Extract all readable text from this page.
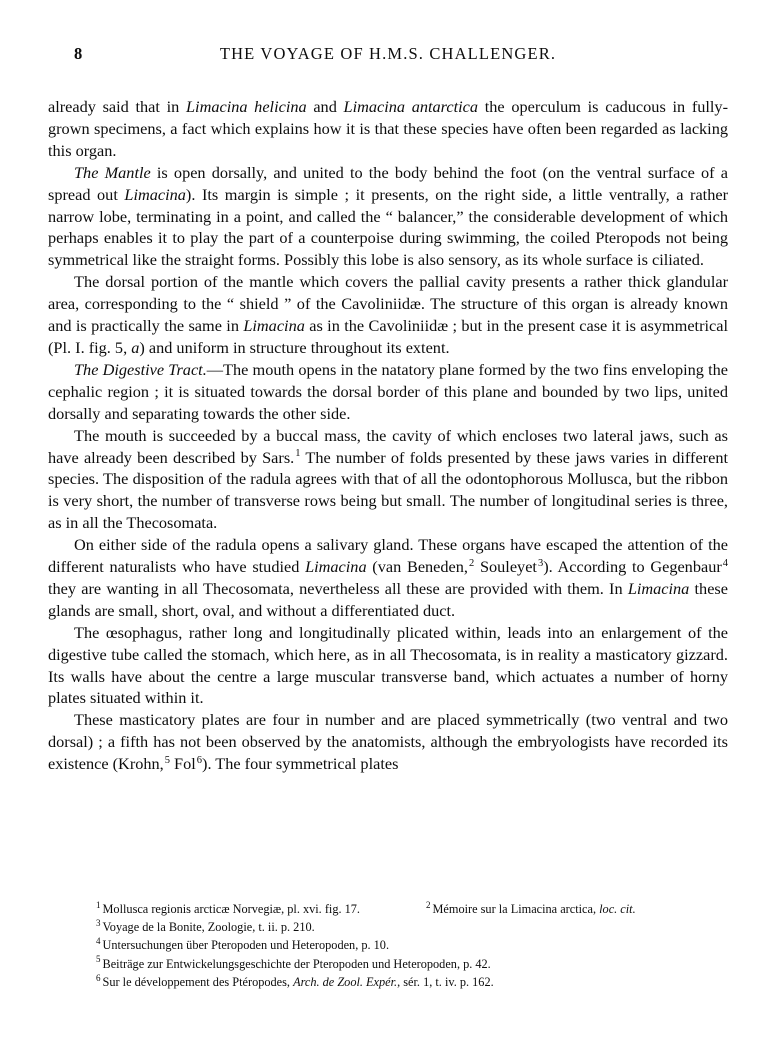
8	THE VOYAGE OF H.M.S. CHALLENGER.

already said that in Limacina helicina and Limacina antarctica the operculum is caducous in fully-grown specimens, a fact which explains how it is that these species have often been regarded as lacking this organ.

The Mantle is open dorsally, and united to the body behind the foot (on the ventral surface of a spread out Limacina). Its margin is simple ; it presents, on the right side, a little ventrally, a rather narrow lobe, terminating in a point, and called the “ balancer,” the considerable development of which perhaps enables it to play the part of a counterpoise during swimming, the coiled Pteropods not being symmetrical like the straight forms. Possibly this lobe is also sensory, as its whole surface is ciliated.

The dorsal portion of the mantle which covers the pallial cavity presents a rather thick glandular area, corresponding to the “ shield ” of the Cavoliniidæ. The structure of this organ is already known and is practically the same in Limacina as in the Cavoliniidæ ; but in the present case it is asymmetrical (Pl. I. fig. 5, a) and uniform in structure throughout its extent.

The Digestive Tract.—The mouth opens in the natatory plane formed by the two fins enveloping the cephalic region ; it is situated towards the dorsal border of this plane and bounded by two lips, united dorsally and separating towards the other side.

The mouth is succeeded by a buccal mass, the cavity of which encloses two lateral jaws, such as have already been described by Sars.$^1$ The number of folds presented by these jaws varies in different species. The disposition of the radula agrees with that of all the odontophorous Mollusca, but the ribbon is very short, the number of transverse rows being but small. The number of longitudinal series is three, as in all the Thecosomata.

On either side of the radula opens a salivary gland. These organs have escaped the attention of the different naturalists who have studied Limacina (van Beneden,$^2$ Souleyet$^3$). According to Gegenbaur$^4$ they are wanting in all Thecosomata, nevertheless all these are provided with them. In Limacina these glands are small, short, oval, and without a differentiated duct.

The œsophagus, rather long and longitudinally plicated within, leads into an enlargement of the digestive tube called the stomach, which here, as in all Thecosomata, is in reality a masticatory gizzard. Its walls have about the centre a large muscular transverse band, which actuates a number of horny plates situated within it.

These masticatory plates are four in number and are placed symmetrically (two ventral and two dorsal) ; a fifth has not been observed by the anatomists, although the embryologists have recorded its existence (Krohn,$^5$ Fol$^6$). The four symmetrical plates

$^1$ Mollusca regionis arcticæ Norvegiæ, pl. xvi. fig. 17.	$^2$ Mémoire sur la Limacina arctica, loc. cit.
$^3$ Voyage de la Bonite, Zoologie, t. ii. p. 210.
$^4$ Untersuchungen über Pteropoden und Heteropoden, p. 10.
$^5$ Beiträge zur Entwickelungsgeschichte der Pteropoden und Heteropoden, p. 42.
$^6$ Sur le développement des Ptéropodes, Arch. de Zool. Expér., sér. 1, t. iv. p. 162.
